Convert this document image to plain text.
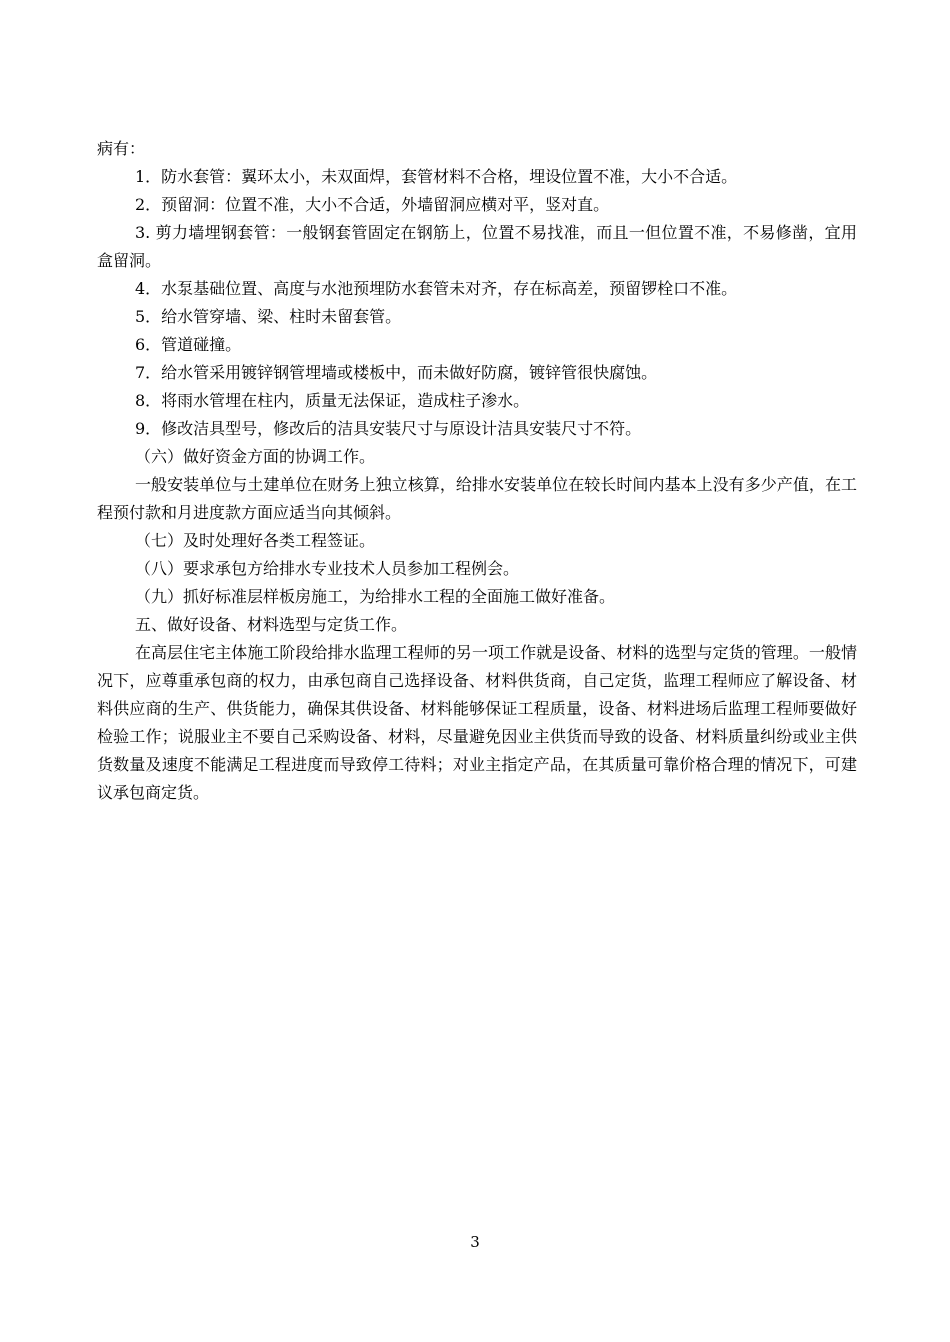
病有：

1．防水套管：翼环太小，未双面焊，套管材料不合格，埋设位置不准，大小不合适。

2．预留洞：位置不准，大小不合适，外墙留洞应横对平，竖对直。

3. 剪力墙埋钢套管：一般钢套管固定在钢筋上，位置不易找准，而且一但位置不准，不易修凿，宜用盒留洞。

4．水泵基础位置、高度与水池预埋防水套管未对齐，存在标高差，预留锣栓口不准。

5．给水管穿墙、梁、柱时未留套管。

6．管道碰撞。

7．给水管采用镀锌钢管埋墙或楼板中，而未做好防腐，镀锌管很快腐蚀。

8．将雨水管埋在柱内，质量无法保证，造成柱子渗水。

9．修改洁具型号，修改后的洁具安装尺寸与原设计洁具安装尺寸不符。

（六）做好资金方面的协调工作。

一般安装单位与土建单位在财务上独立核算，给排水安装单位在较长时间内基本上没有多少产值，在工程预付款和月进度款方面应适当向其倾斜。

（七）及时处理好各类工程签证。

（八）要求承包方给排水专业技术人员参加工程例会。

（九）抓好标准层样板房施工，为给排水工程的全面施工做好准备。

五、做好设备、材料选型与定货工作。

在高层住宅主体施工阶段给排水监理工程师的另一项工作就是设备、材料的选型与定货的管理。一般情况下，应尊重承包商的权力，由承包商自己选择设备、材料供货商，自己定货，监理工程师应了解设备、材料供应商的生产、供货能力，确保其供设备、材料能够保证工程质量，设备、材料进场后监理工程师要做好检验工作；说服业主不要自己采购设备、材料，尽量避免因业主供货而导致的设备、材料质量纠纷或业主供货数量及速度不能满足工程进度而导致停工待料；对业主指定产品，在其质量可靠价格合理的情况下，可建议承包商定货。

3
